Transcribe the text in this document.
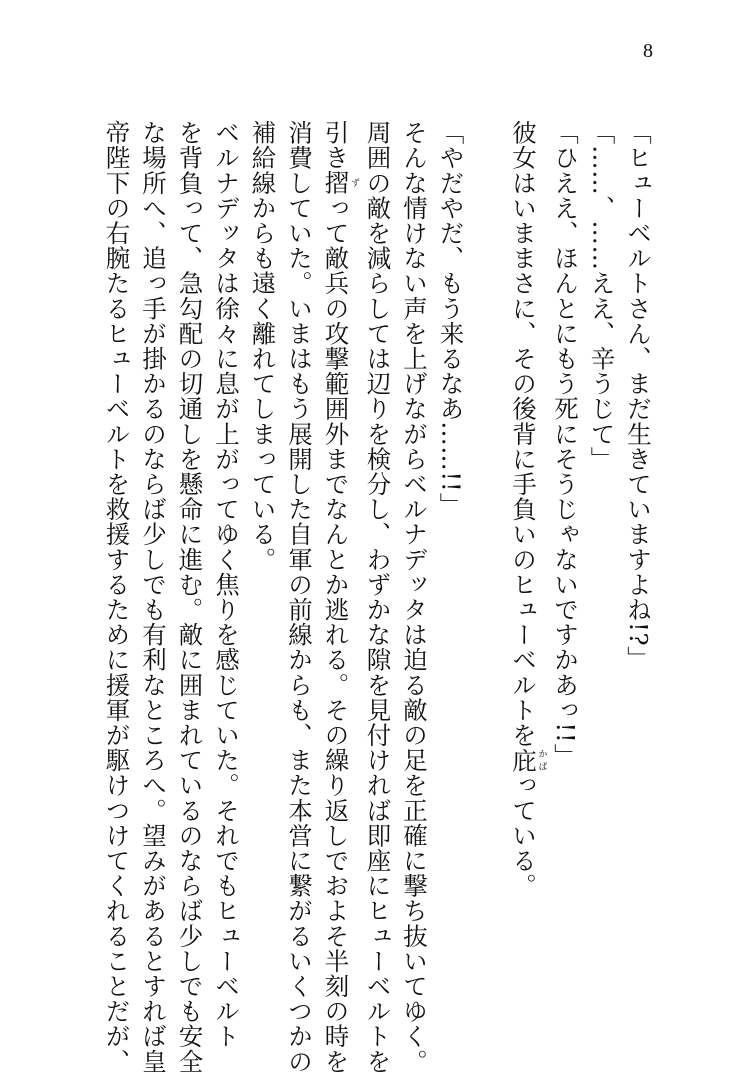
8
「ヒューベルトさん、まだ生きていますよね!?」
「……、……ええ、辛うじて」
「ひええ、ほんとにもう死にそうじゃないですかあっ!!」
彼女はいままさに、その後背に手負いのヒューベルトを庇かばっている。
「やだやだ、もう来るなあ……!!」
そんな情けない声を上げながらベルナデッタは迫る敵の足を正確に撃ち抜いてゆく。
周囲の敵を減らしては辺りを検分し、わずかな隙を見付ければ即座にヒューベルトを
引き摺ずって敵兵の攻撃範囲外までなんとか逃れる。その繰り返しでおよそ半刻の時を
消費していた。いまはもう展開した自軍の前線からも、また本営に繋がるいくつかの
補給線からも遠く離れてしまっている。
ベルナデッタは徐々に息が上がってゆく焦りを感じていた。それでもヒューベルト
を背負って、急勾配の切通しを懸命に進む。敵に囲まれているのならば少しでも安全
な場所へ、追っ手が掛かるのならば少しでも有利なところへ。望みがあるとすれば皇
帝陛下の右腕たるヒューベルトを救援するために援軍が駆けつけてくれることだが、
